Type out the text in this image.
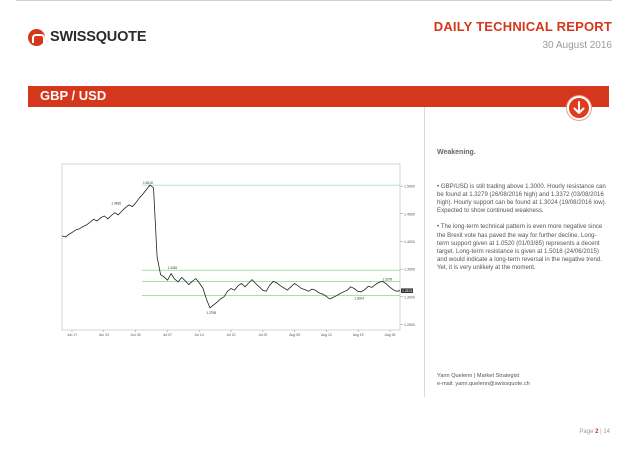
SWISSQUOTE
DAILY TECHNICAL REPORT
30 August 2016
GBP / USD
1.5000
1.4500
1.4000
1.3500
1.3000
1.2500
Jun 17	Jun 23	Jun 30	Jul 07	Jul 14	Jul 22	Jul 29	Aug 05	Aug 12	Aug 19	Aug 26
1.5018
1.4635
1.3481
1.2798
1.3279
1.3024
1.3101
Weakening.
• GBP/USD is still trading above 1.3000. Hourly resistance can be found at 1.3279 (26/08/2016 high) and 1.3372 (03/08/2016 high). Hourly support can be found at 1.3024 (19/08/2016 low). Expected to show continued weakness.
• The long-term technical pattern is even more negative since the Brexit vote has paved the way for further decline. Long-term support given at 1.0520 (01/03/85) represents a decent target. Long-term resistance is given at 1.5018 (24/06/2015) and would indicate a long-term reversal in the negative trend. Yet, it is very unlikely at the moment.
Yann Quelenn | Market Strategist
e-mail: yann.quelenn@swissquote.ch
Page 2 | 14
